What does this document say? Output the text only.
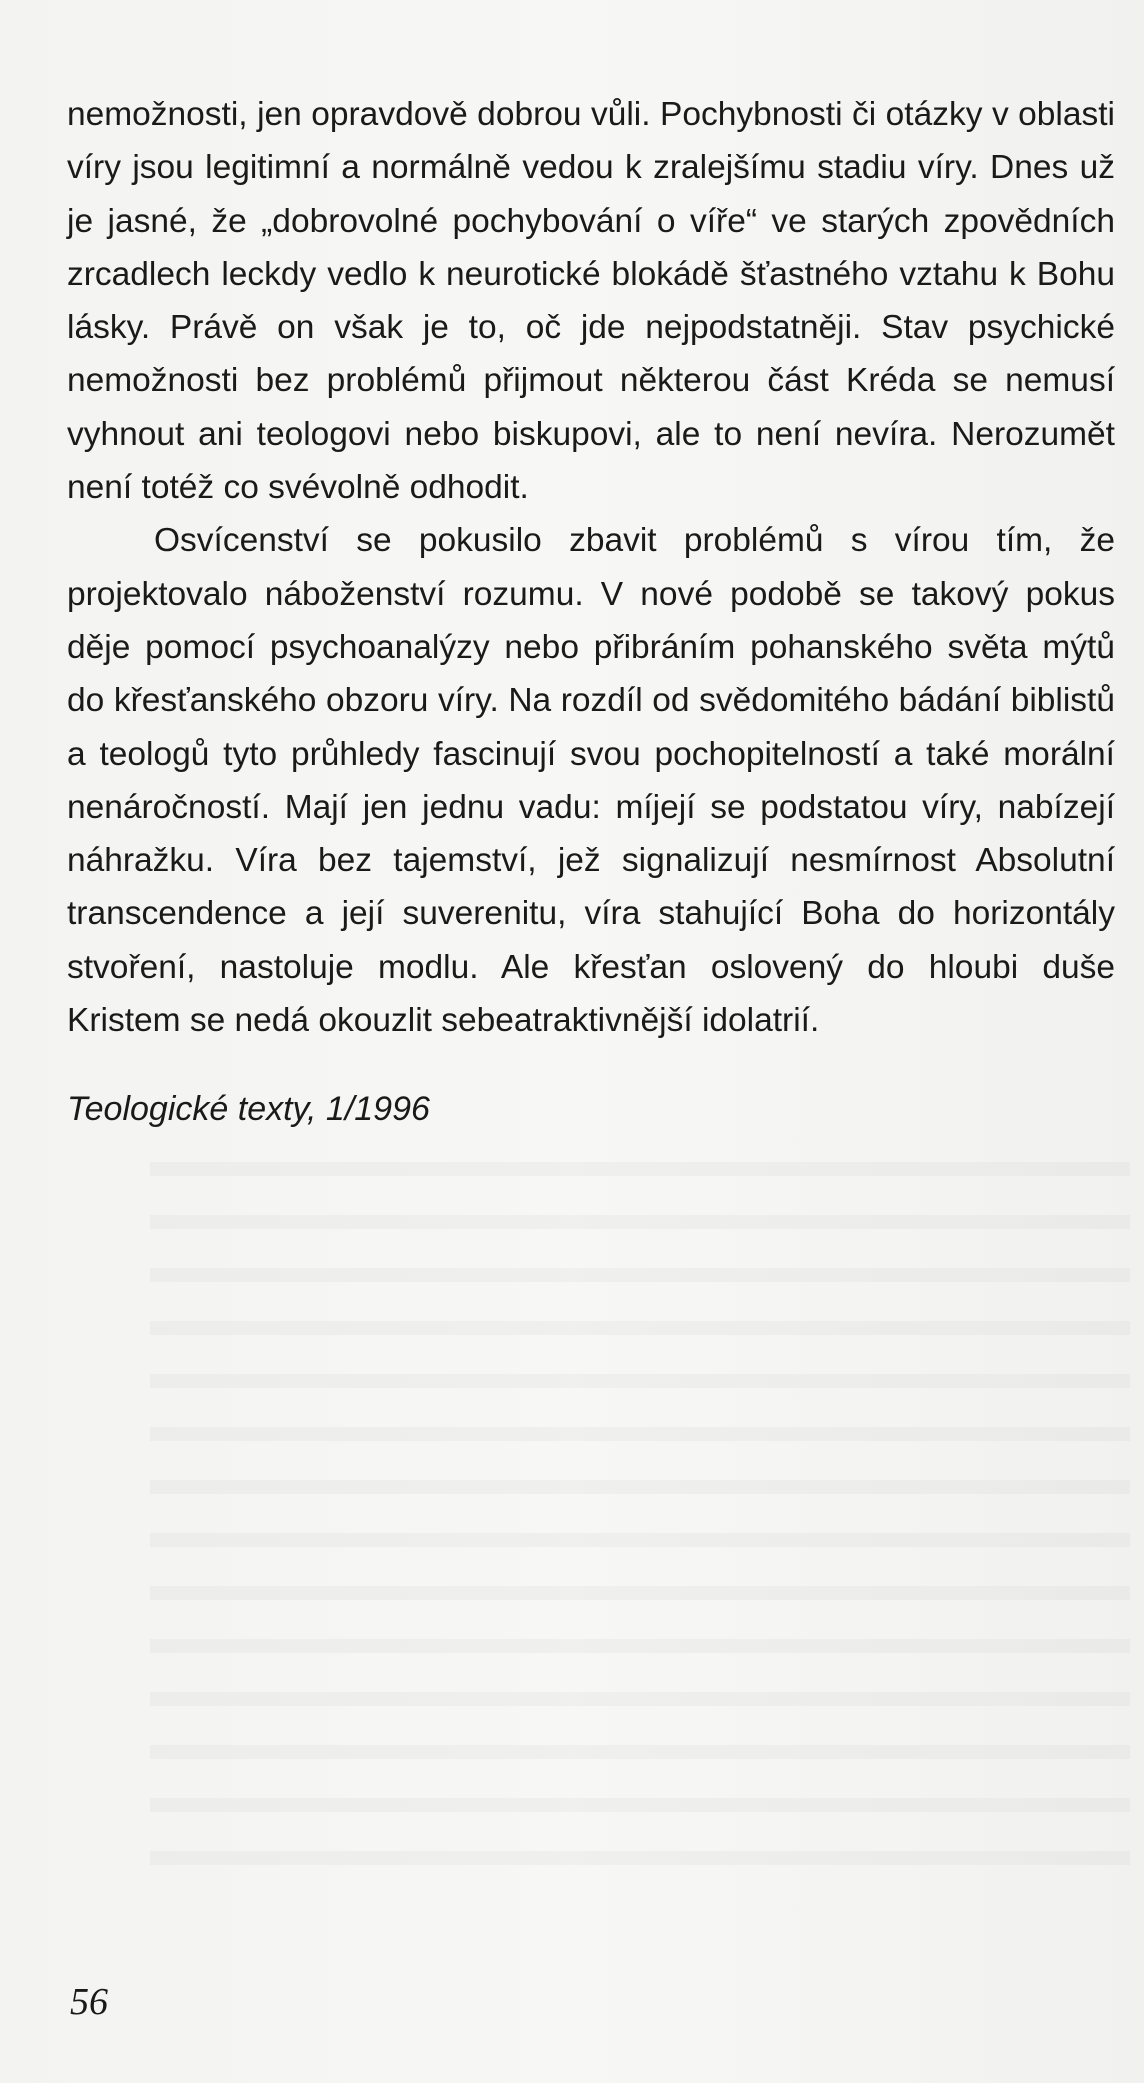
nemožnosti, jen opravdově dobrou vůli. Pochybnosti či otázky v oblasti víry jsou legitimní a normálně vedou k zralejšímu stadiu víry. Dnes už je jasné, že „dobrovolné pochybování o víře“ ve starých zpovědních zrcadlech leckdy vedlo k neurotické blokádě šťastného vztahu k Bohu lásky. Právě on však je to, oč jde nejpodstatněji. Stav psychické nemožnosti bez problémů přijmout některou část Kréda se nemusí vyhnout ani teologovi nebo biskupovi, ale to není nevíra. Nerozumět není totéž co svévolně odhodit.

Osvícenství se pokusilo zbavit problémů s vírou tím, že projektovalo náboženství rozumu. V nové podobě se takový pokus děje pomocí psychoanalýzy nebo přibráním pohanského světa mýtů do křesťanského obzoru víry. Na rozdíl od svědomitého bádání biblistů a teologů tyto průhledy fascinují svou pochopitelností a také morální nenáročností. Mají jen jednu vadu: míjejí se podstatou víry, nabízejí náhražku. Víra bez tajemství, jež signalizují nesmírnost Absolutní transcendence a její suverenitu, víra stahující Boha do horizontály stvoření, nastoluje modlu. Ale křesťan oslovený do hloubi duše Kristem se nedá okouzlit sebeatraktivnější idolatrií.

Teologické texty, 1/1996
56
